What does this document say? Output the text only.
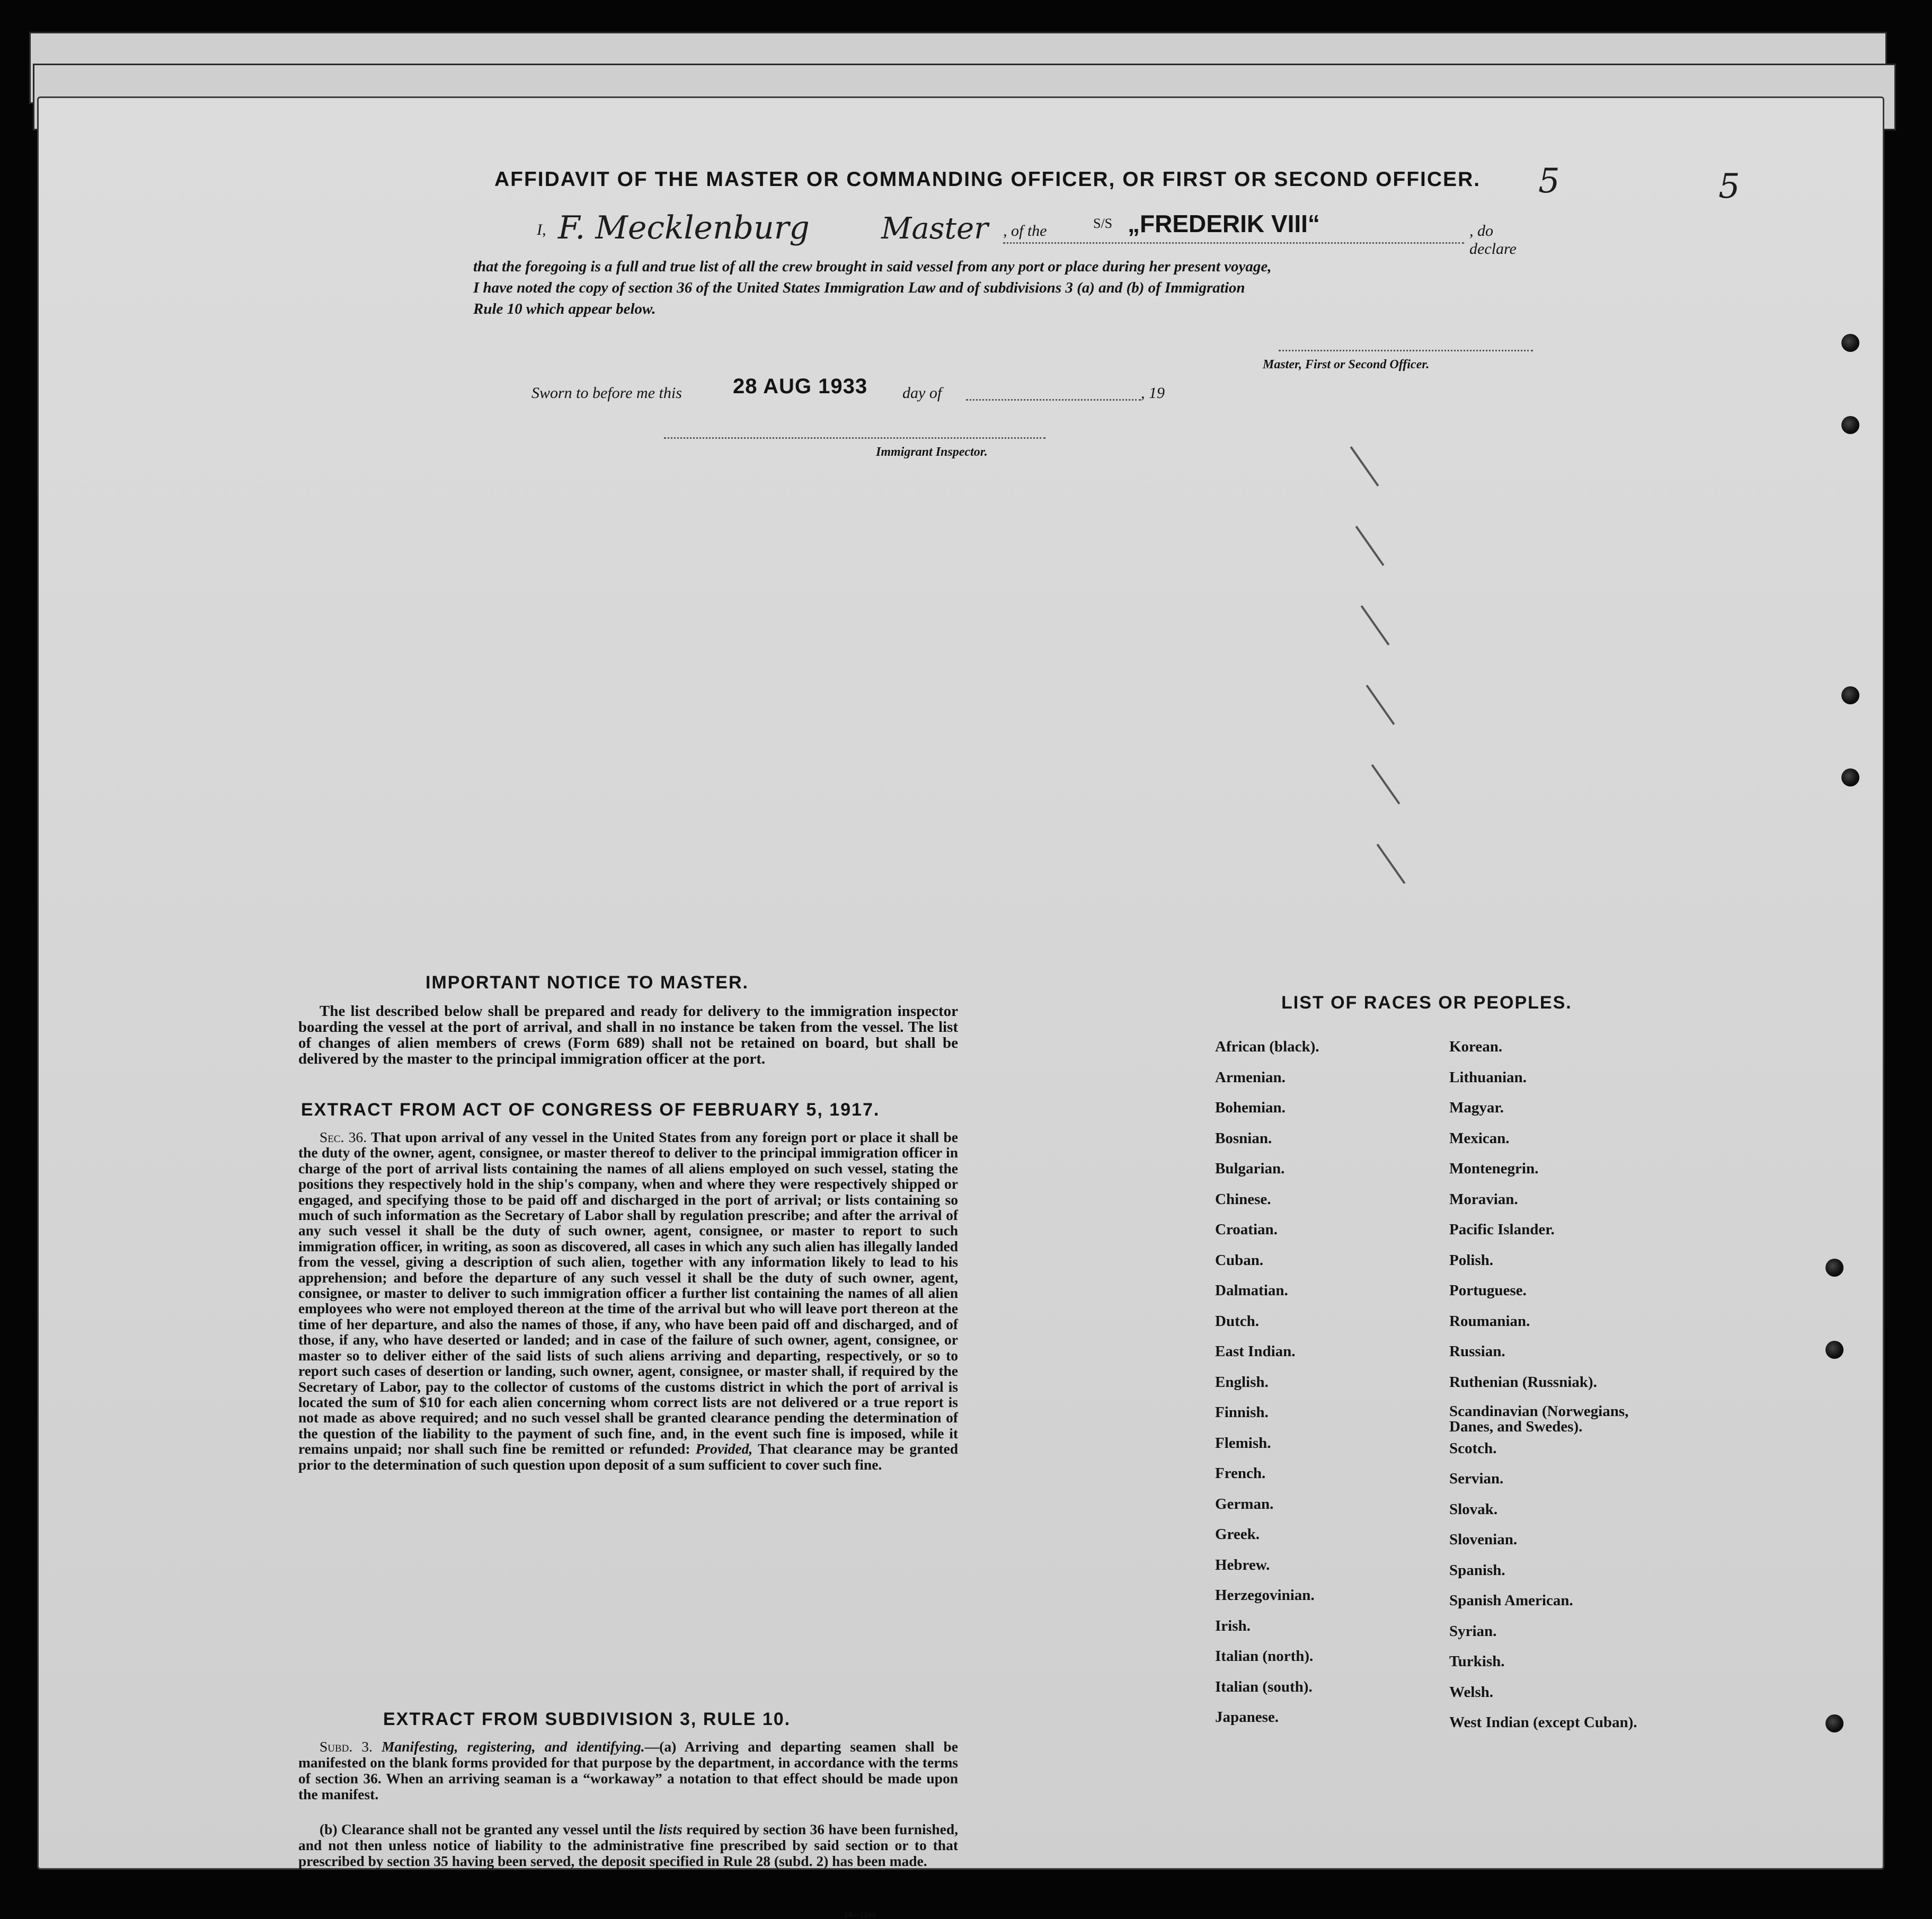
5	5
AFFIDAVIT OF THE MASTER OR COMMANDING OFFICER, OR FIRST OR SECOND OFFICER.
I, F. Mecklenburg Master , of the	S/S „FREDERIK VIII“	, do declare
that the foregoing is a full and true list of all the crew brought in said vessel from any port or place during her present voyage,
I have noted the copy of section 36 of the United States Immigration Law and of subdivisions 3 (a) and (b) of Immigration
Rule 10 which appear below.
Master, First or Second Officer.
Sworn to before me this 28 AUG 1933 day of	, 19
Immigrant Inspector.
IMPORTANT NOTICE TO MASTER.
The list described below shall be prepared and ready for delivery to the immigration inspector boarding the vessel at the port of arrival, and shall in no instance be taken from the vessel. The list of changes of alien members of crews (Form 689) shall not be retained on board, but shall be delivered by the master to the principal immigration officer at the port.
EXTRACT FROM ACT OF CONGRESS OF FEBRUARY 5, 1917.
Sec. 36. That upon arrival of any vessel in the United States from any foreign port or place it shall be the duty of the owner, agent, consignee, or master thereof to deliver to the principal immigration officer in charge of the port of arrival lists containing the names of all aliens employed on such vessel, stating the positions they respectively hold in the ship's company, when and where they were respectively shipped or engaged, and specifying those to be paid off and discharged in the port of arrival; or lists containing so much of such information as the Secretary of Labor shall by regulation prescribe; and after the arrival of any such vessel it shall be the duty of such owner, agent, consignee, or master to report to such immigration officer, in writing, as soon as discovered, all cases in which any such alien has illegally landed from the vessel, giving a description of such alien, together with any information likely to lead to his apprehension; and before the departure of any such vessel it shall be the duty of such owner, agent, consignee, or master to deliver to such immigration officer a further list containing the names of all alien employees who were not employed thereon at the time of the arrival but who will leave port thereon at the time of her departure, and also the names of those, if any, who have been paid off and discharged, and of those, if any, who have deserted or landed; and in case of the failure of such owner, agent, consignee, or master so to deliver either of the said lists of such aliens arriving and departing, respectively, or so to report such cases of desertion or landing, such owner, agent, consignee, or master shall, if required by the Secretary of Labor, pay to the collector of customs of the customs district in which the port of arrival is located the sum of $10 for each alien concerning whom correct lists are not delivered or a true report is not made as above required; and no such vessel shall be granted clearance pending the determination of the question of the liability to the payment of such fine, and, in the event such fine is imposed, while it remains unpaid; nor shall such fine be remitted or refunded: Provided, That clearance may be granted prior to the determination of such question upon deposit of a sum sufficient to cover such fine.
EXTRACT FROM SUBDIVISION 3, RULE 10.
Subd. 3. Manifesting, registering, and identifying.—(a) Arriving and departing seamen shall be manifested on the blank forms provided for that purpose by the department, in accordance with the terms of section 36. When an arriving seaman is a “workaway” a notation to that effect should be made upon the manifest.
(b) Clearance shall not be granted any vessel until the lists required by section 36 have been furnished, and not then unless notice of liability to the administrative fine prescribed by said section or to that prescribed by section 35 having been served, the deposit specified in Rule 28 (subd. 2) has been made.
14—1240
LIST OF RACES OR PEOPLES.
African (black).
Armenian.
Bohemian.
Bosnian.
Bulgarian.
Chinese.
Croatian.
Cuban.
Dalmatian.
Dutch.
East Indian.
English.
Finnish.
Flemish.
French.
German.
Greek.
Hebrew.
Herzegovinian.
Irish.
Italian (north).
Italian (south).
Japanese.
Korean.
Lithuanian.
Magyar.
Mexican.
Montenegrin.
Moravian.
Pacific Islander.
Polish.
Portuguese.
Roumanian.
Russian.
Ruthenian (Russniak).
Scandinavian (Norwegians, Danes, and Swedes).
Scotch.
Servian.
Slovak.
Slovenian.
Spanish.
Spanish American.
Syrian.
Turkish.
Welsh.
West Indian (except Cuban).
